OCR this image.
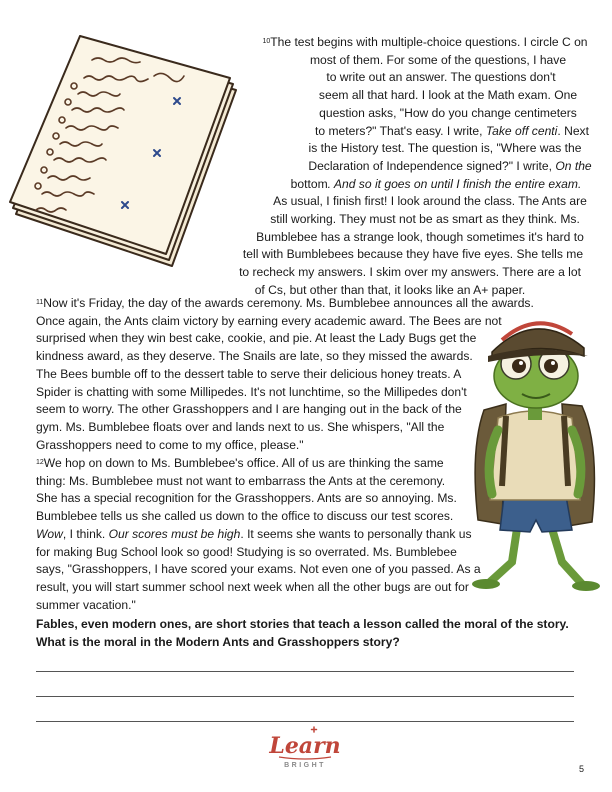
$^{10}$The test begins with multiple-choice questions. I circle C on
most of them. For some of the questions, I have
to write out an answer. The questions don't
seem all that hard. I look at the Math exam. One
question asks, "How do you change centimeters
to meters?" That's easy. I write, Take off centi. Next
is the History test. The question is, "Where was the
Declaration of Independence signed?" I write, On the
bottom. And so it goes on until I finish the entire exam.
As usual, I finish first! I look around the class. The Ants are
still working. They must not be as smart as they think. Ms.
Bumblebee has a strange look, though sometimes it's hard to
tell with Bumblebees because they have five eyes. She tells me
to recheck my answers. I skim over my answers. There are a lot
of Cs, but other than that, it looks like an A+ paper.
$^{11}$Now it's Friday, the day of the awards ceremony. Ms. Bumblebee announces all the awards.
Once again, the Ants claim victory by earning every academic award. The Bees are not
surprised when they win best cake, cookie, and pie. At least the Lady Bugs get the
kindness award, as they deserve. The Snails are late, so they missed the awards.
The Bees bumble off to the dessert table to serve their delicious honey treats. A
Spider is chatting with some Millipedes. It's not lunchtime, so the Millipedes don't
seem to worry. The other Grasshoppers and I are hanging out in the back of the
gym. Ms. Bumblebee floats over and lands next to us. She whispers, "All the
Grasshoppers need to come to my office, please."
$^{12}$We hop on down to Ms. Bumblebee's office. All of us are thinking the same
thing: Ms. Bumblebee must not want to embarrass the Ants at the ceremony.
She has a special recognition for the Grasshoppers. Ants are so annoying. Ms.
Bumblebee tells us she called us down to the office to discuss our test scores.
Wow, I think. Our scores must be high. It seems she wants to personally thank us
for making Bug School look so good! Studying is so overrated. Ms. Bumblebee
says, "Grasshoppers, I have scored your exams. Not even one of you passed. As a
result, you will start summer school next week when all the other bugs are out for
summer vacation."

Fables, even modern ones, are short stories that teach a lesson called the moral of the story. What is the moral in the Modern Ants and Grasshoppers story?

Learn
BRIGHT	5
